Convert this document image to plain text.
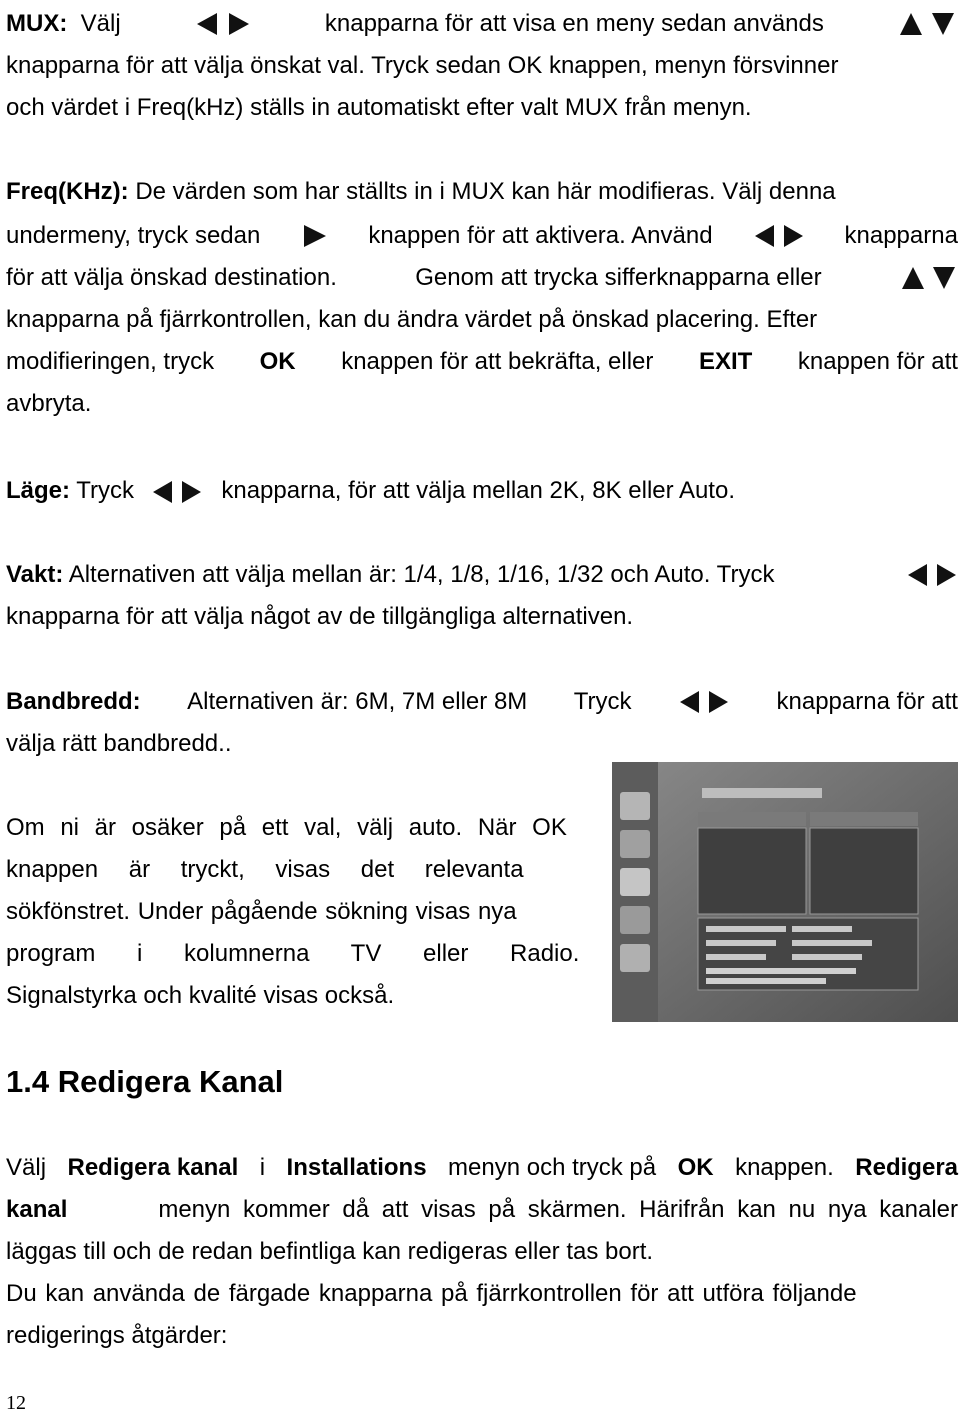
MUX: Välj	knapparna för att visa en meny sedan används
knapparna för att välja önskat val. Tryck sedan OK knappen, menyn försvinner
och värdet i Freq(kHz) ställs in automatiskt efter valt MUX från menyn.
Freq(KHz): De värden som har ställts in i MUX kan här modifieras. Välj denna
undermeny, tryck sedan	knappen för att aktivera. Använd	knapparna
för att välja önskad destination.	Genom att trycka sifferknapparna eller
knapparna på fjärrkontrollen, kan du ändra värdet på önskad placering. Efter
modifieringen, tryck OK knappen för att bekräfta, eller EXIT knappen för att
avbryta.
Läge: Tryck	knapparna, för att välja mellan 2K, 8K eller Auto.
Vakt: Alternativen att välja mellan är: 1/4, 1/8, 1/16, 1/32 och Auto. Tryck
knapparna för att välja något av de tillgängliga alternativen.
Bandbredd: Alternativen är: 6M, 7M eller 8M Tryck	knapparna för att
välja rätt bandbredd..
Om ni är osäker på ett val, välj auto. När OK
knappen är tryckt, visas det relevanta
sökfönstret. Under pågående sökning visas nya
program i kolumnerna TV eller Radio.
Signalstyrka och kvalité visas också.
1.4 Redigera Kanal
Välj Redigera kanal i Installations menyn och tryck på OK knappen. Redigera
kanal	menyn kommer då att visas på skärmen. Härifrån kan nu nya kanaler
läggas till och de redan befintliga kan redigeras eller tas bort.
Du kan använda de färgade knapparna på fjärrkontrollen för att utföra följande
redigerings åtgärder:
12
